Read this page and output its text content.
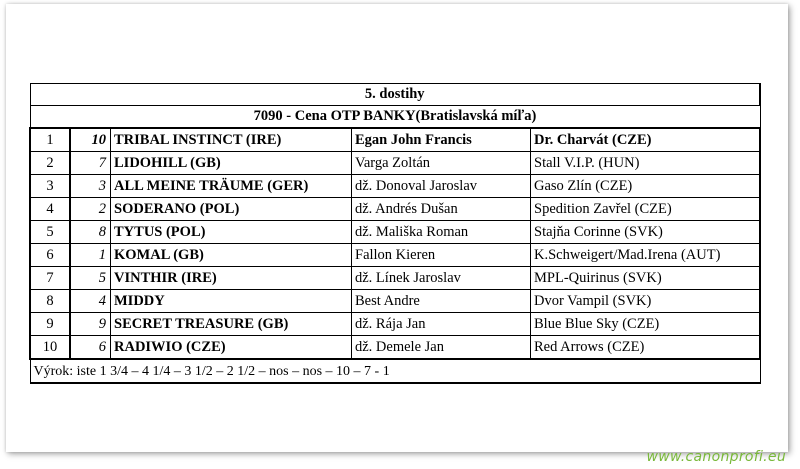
5. dostihy				
7090 - Cena OTP BANKY(Bratislavská míľa)				
1	10	TRIBAL INSTINCT (IRE)	Egan John Francis	Dr. Charvát (CZE)
2	7	LIDOHILL (GB)	Varga Zoltán	Stall V.I.P. (HUN)
3	3	ALL MEINE TRÄUME (GER)	dž. Donoval Jaroslav	Gaso Zlín (CZE)
4	2	SODERANO (POL)	dž. Andrés Dušan	Spedition Zavřel (CZE)
5	8	TYTUS (POL)	dž. Mališka Roman	Stajňa Corinne (SVK)
6	1	KOMAL (GB)	Fallon Kieren	K.Schweigert/Mad.Irena (AUT)
7	5	VINTHIR (IRE)	dž. Línek Jaroslav	MPL-Quirinus (SVK)
8	4	MIDDY	Best Andre	Dvor Vampil (SVK)
9	9	SECRET TREASURE (GB)	dž. Rája Jan	Blue Blue Sky (CZE)
10	6	RADIWIO (CZE)	dž. Demele Jan	Red Arrows (CZE)
Výrok: iste 1 3/4 – 4 1/4 – 3 1/2 – 2 1/2 – nos – nos – 10 – 7 - 1				
www.canonprofi.eu
